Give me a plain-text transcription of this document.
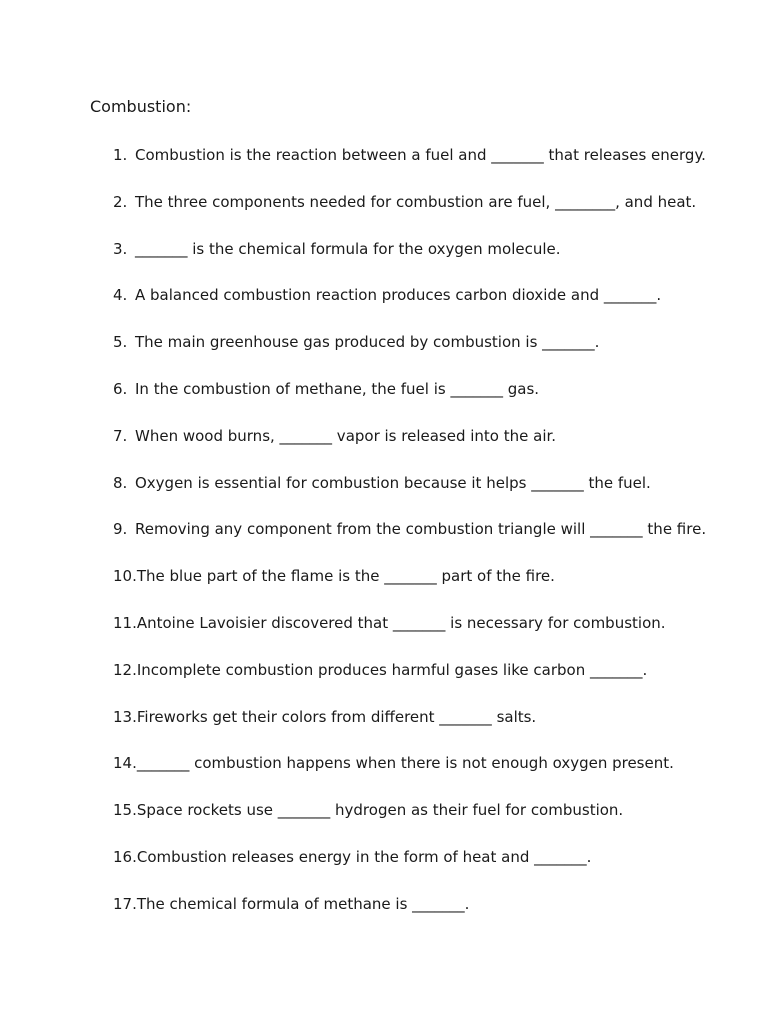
Combustion:
1. Combustion is the reaction between a fuel and _______ that releases energy.
2. The three components needed for combustion are fuel, ________, and heat.
3. _______ is the chemical formula for the oxygen molecule.
4. A balanced combustion reaction produces carbon dioxide and _______.
5. The main greenhouse gas produced by combustion is _______.
6. In the combustion of methane, the fuel is _______ gas.
7. When wood burns, _______ vapor is released into the air.
8. Oxygen is essential for combustion because it helps _______ the fuel.
9. Removing any component from the combustion triangle will _______ the fire.
10.The blue part of the flame is the _______ part of the fire.
11.Antoine Lavoisier discovered that _______ is necessary for combustion.
12.Incomplete combustion produces harmful gases like carbon _______.
13.Fireworks get their colors from different _______ salts.
14._______ combustion happens when there is not enough oxygen present.
15.Space rockets use _______ hydrogen as their fuel for combustion.
16.Combustion releases energy in the form of heat and _______.
17.The chemical formula of methane is _______.
